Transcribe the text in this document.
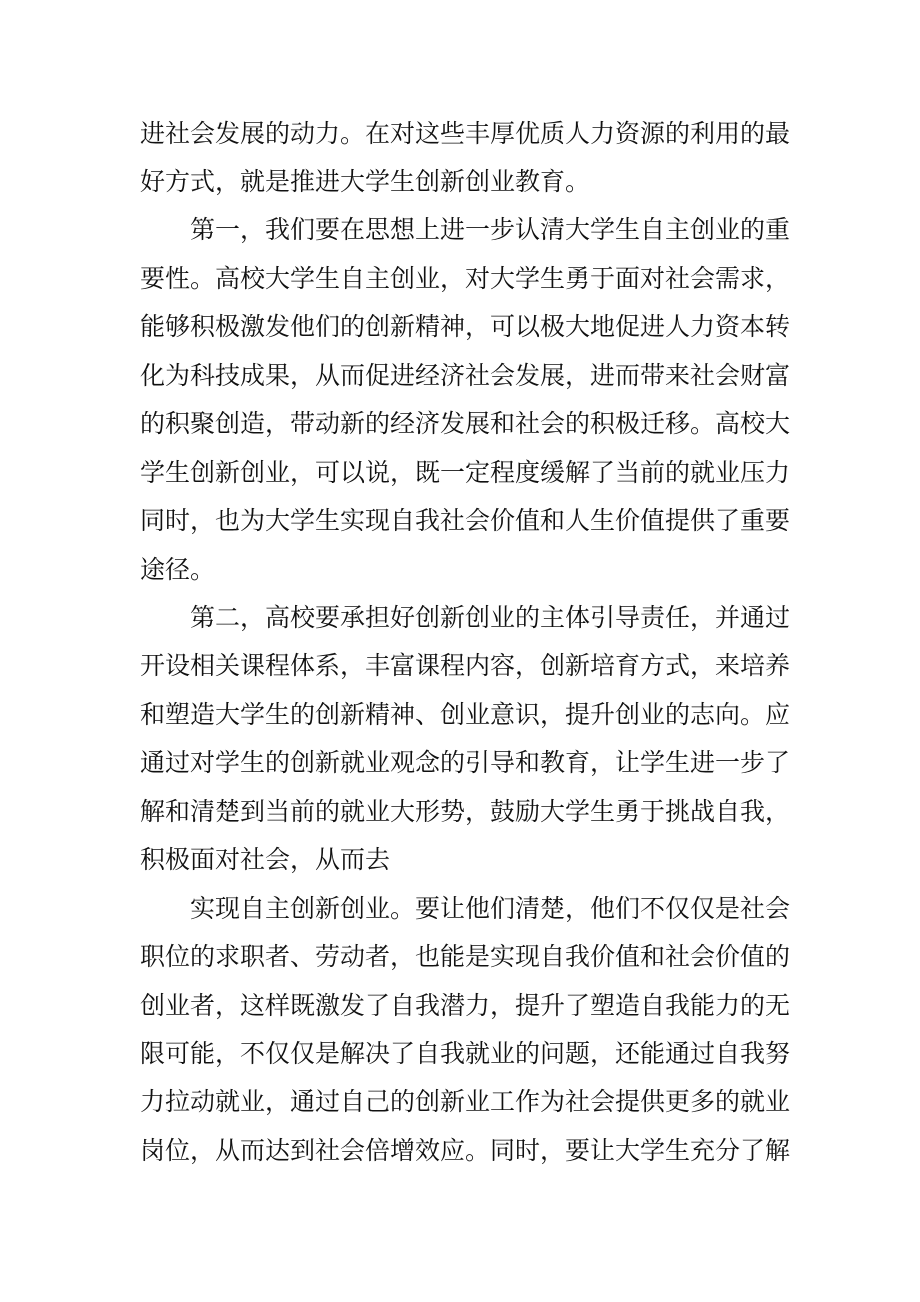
进社会发展的动力。在对这些丰厚优质人力资源的利用的最

好方式，就是推进大学生创新创业教育。

第一，我们要在思想上进一步认清大学生自主创业的重

要性。高校大学生自主创业，对大学生勇于面对社会需求，

能够积极激发他们的创新精神，可以极大地促进人力资本转

化为科技成果，从而促进经济社会发展，进而带来社会财富

的积聚创造，带动新的经济发展和社会的积极迁移。高校大

学生创新创业，可以说，既一定程度缓解了当前的就业压力

同时，也为大学生实现自我社会价值和人生价值提供了重要

途径。

第二，高校要承担好创新创业的主体引导责任，并通过

开设相关课程体系，丰富课程内容，创新培育方式，来培养

和塑造大学生的创新精神、创业意识，提升创业的志向。应

通过对学生的创新就业观念的引导和教育，让学生进一步了

解和清楚到当前的就业大形势，鼓励大学生勇于挑战自我，

积极面对社会，从而去

实现自主创新创业。要让他们清楚，他们不仅仅是社会

职位的求职者、劳动者，也能是实现自我价值和社会价值的

创业者，这样既激发了自我潜力，提升了塑造自我能力的无

限可能，不仅仅是解决了自我就业的问题，还能通过自我努

力拉动就业，通过自己的创新业工作为社会提供更多的就业

岗位，从而达到社会倍增效应。同时，要让大学生充分了解
